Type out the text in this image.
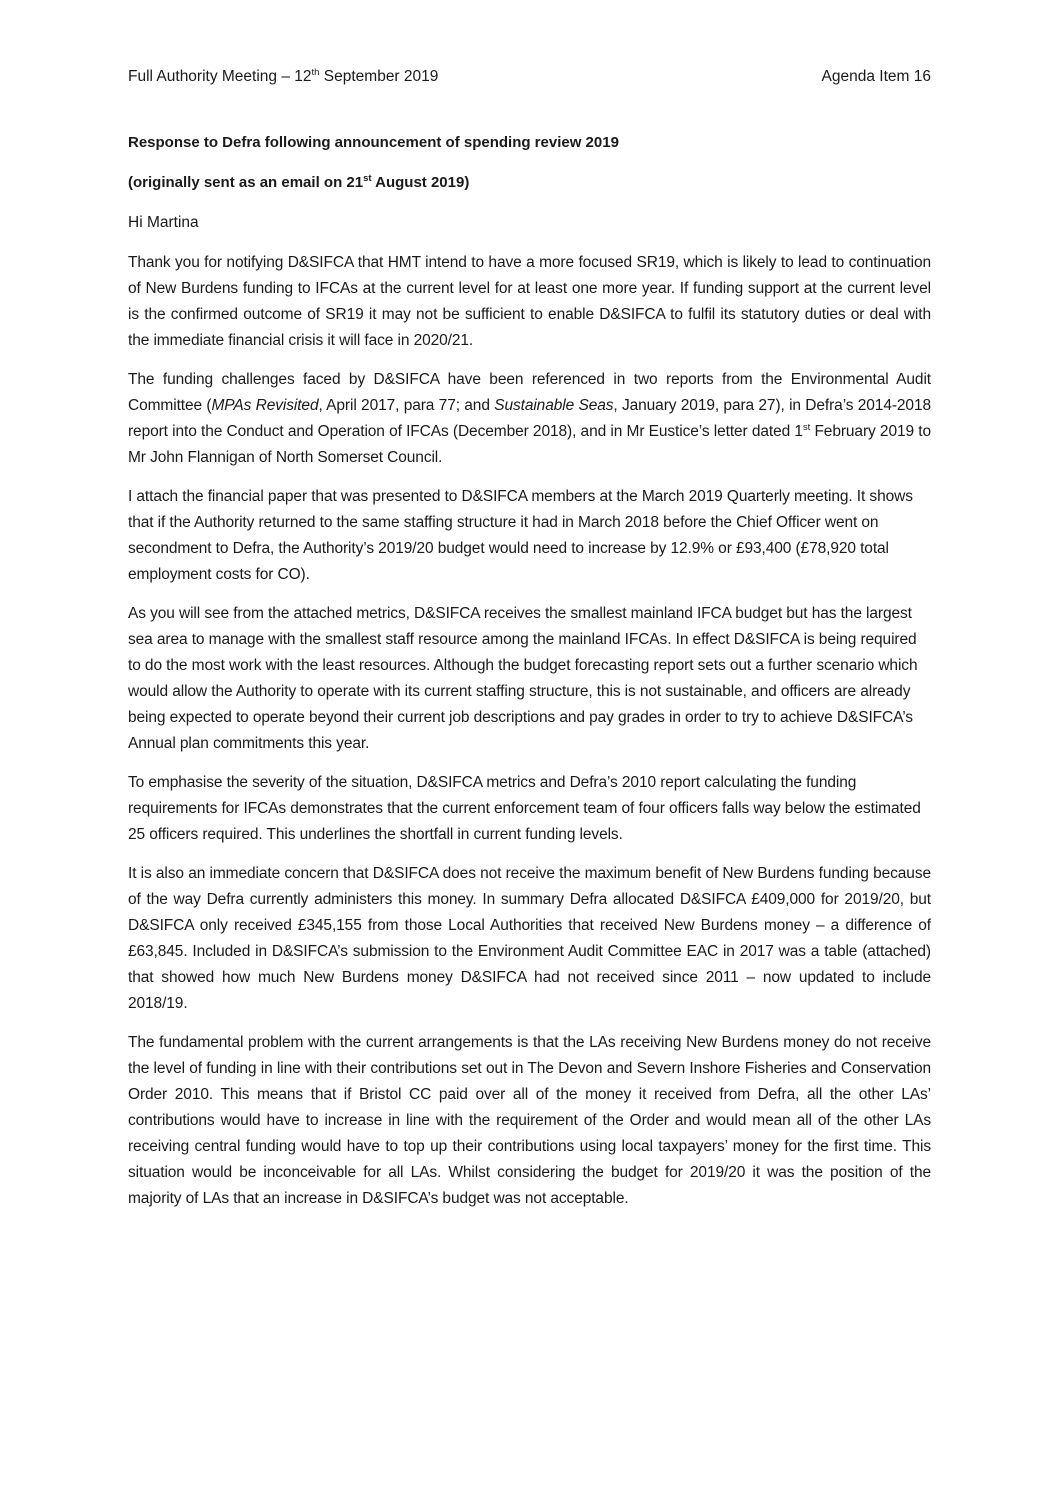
Full Authority Meeting – 12th September 2019	Agenda Item 16
Response to Defra following announcement of spending review 2019
(originally sent as an email on 21st August 2019)
Hi Martina

Thank you for notifying D&SIFCA that HMT intend to have a more focused SR19, which is likely to lead to continuation of New Burdens funding to IFCAs at the current level for at least one more year. If funding support at the current level is the confirmed outcome of SR19 it may not be sufficient to enable D&SIFCA to fulfil its statutory duties or deal with the immediate financial crisis it will face in 2020/21.

The funding challenges faced by D&SIFCA have been referenced in two reports from the Environmental Audit Committee (MPAs Revisited, April 2017, para 77; and Sustainable Seas, January 2019, para 27), in Defra’s 2014-2018 report into the Conduct and Operation of IFCAs (December 2018), and in Mr Eustice’s letter dated 1st February 2019 to Mr John Flannigan of North Somerset Council.

I attach the financial paper that was presented to D&SIFCA members at the March 2019 Quarterly meeting. It shows that if the Authority returned to the same staffing structure it had in March 2018 before the Chief Officer went on secondment to Defra, the Authority’s 2019/20 budget would need to increase by 12.9% or £93,400 (£78,920 total employment costs for CO).

As you will see from the attached metrics, D&SIFCA receives the smallest mainland IFCA budget but has the largest sea area to manage with the smallest staff resource among the mainland IFCAs. In effect D&SIFCA is being required to do the most work with the least resources. Although the budget forecasting report sets out a further scenario which would allow the Authority to operate with its current staffing structure, this is not sustainable, and officers are already being expected to operate beyond their current job descriptions and pay grades in order to try to achieve D&SIFCA’s Annual plan commitments this year.

To emphasise the severity of the situation, D&SIFCA metrics and Defra’s 2010 report calculating the funding requirements for IFCAs demonstrates that the current enforcement team of four officers falls way below the estimated 25 officers required. This underlines the shortfall in current funding levels.

It is also an immediate concern that D&SIFCA does not receive the maximum benefit of New Burdens funding because of the way Defra currently administers this money. In summary Defra allocated D&SIFCA £409,000 for 2019/20, but D&SIFCA only received £345,155 from those Local Authorities that received New Burdens money – a difference of £63,845. Included in D&SIFCA’s submission to the Environment Audit Committee EAC in 2017 was a table (attached) that showed how much New Burdens money D&SIFCA had not received since 2011 – now updated to include 2018/19.

The fundamental problem with the current arrangements is that the LAs receiving New Burdens money do not receive the level of funding in line with their contributions set out in The Devon and Severn Inshore Fisheries and Conservation Order 2010. This means that if Bristol CC paid over all of the money it received from Defra, all the other LAs’ contributions would have to increase in line with the requirement of the Order and would mean all of the other LAs receiving central funding would have to top up their contributions using local taxpayers’ money for the first time. This situation would be inconceivable for all LAs. Whilst considering the budget for 2019/20 it was the position of the majority of LAs that an increase in D&SIFCA’s budget was not acceptable.
